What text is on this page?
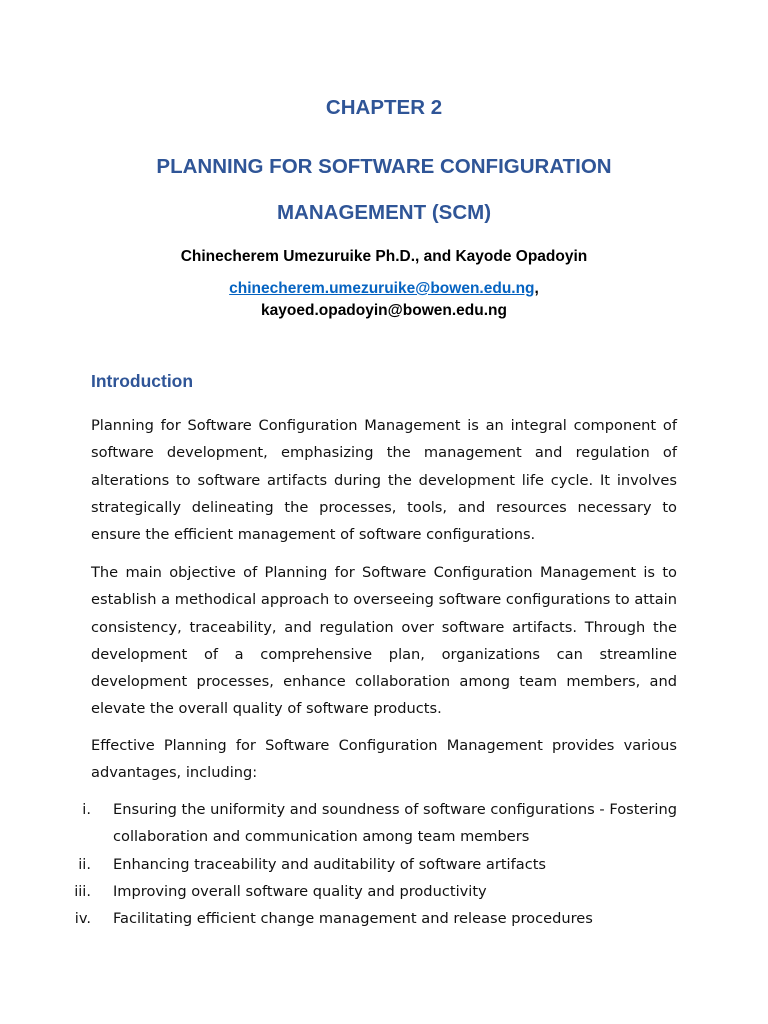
CHAPTER 2
PLANNING FOR SOFTWARE CONFIGURATION
MANAGEMENT (SCM)
Chinecherem Umezuruike Ph.D., and Kayode Opadoyin
chinecherem.umezuruike@bowen.edu.ng,
kayoed.opadoyin@bowen.edu.ng
Introduction

Planning for Software Configuration Management is an integral component of software development, emphasizing the management and regulation of alterations to software artifacts during the development life cycle. It involves strategically delineating the processes, tools, and resources necessary to ensure the efficient management of software configurations.

The main objective of Planning for Software Configuration Management is to establish a methodical approach to overseeing software configurations to attain consistency, traceability, and regulation over software artifacts. Through the development of a comprehensive plan, organizations can streamline development processes, enhance collaboration among team members, and elevate the overall quality of software products.

Effective Planning for Software Configuration Management provides various advantages, including:

i. Ensuring the uniformity and soundness of software configurations - Fostering collaboration and communication among team members
ii. Enhancing traceability and auditability of software artifacts
iii. Improving overall software quality and productivity
iv. Facilitating efficient change management and release procedures
